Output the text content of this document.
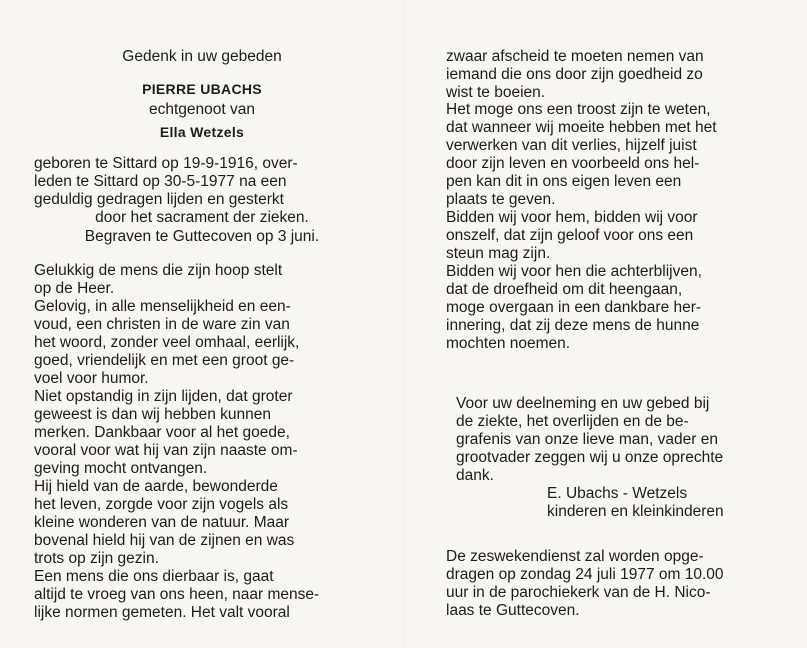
Gedenk in uw gebeden
PIERRE UBACHS
echtgenoot van
Ella Wetzels
geboren te Sittard op 19-9-1916, over-
leden te Sittard op 30-5-1977 na een
geduldig gedragen lijden en gesterkt
door het sacrament der zieken.
Begraven te Guttecoven op 3 juni.
Gelukkig de mens die zijn hoop stelt
op de Heer.
Gelovig, in alle menselijkheid en een-
voud, een christen in de ware zin van
het woord, zonder veel omhaal, eerlijk,
goed, vriendelijk en met een groot ge-
voel voor humor.
Niet opstandig in zijn lijden, dat groter
geweest is dan wij hebben kunnen
merken. Dankbaar voor al het goede,
vooral voor wat hij van zijn naaste om-
geving mocht ontvangen.
Hij hield van de aarde, bewonderde
het leven, zorgde voor zijn vogels als
kleine wonderen van de natuur. Maar
bovenal hield hij van de zijnen en was
trots op zijn gezin.
Een mens die ons dierbaar is, gaat
altijd te vroeg van ons heen, naar mense-
lijke normen gemeten. Het valt vooral
zwaar afscheid te moeten nemen van
iemand die ons door zijn goedheid zo
wist te boeien.
Het moge ons een troost zijn te weten,
dat wanneer wij moeite hebben met het
verwerken van dit verlies, hijzelf juist
door zijn leven en voorbeeld ons hel-
pen kan dit in ons eigen leven een
plaats te geven.
Bidden wij voor hem, bidden wij voor
onszelf, dat zijn geloof voor ons een
steun mag zijn.
Bidden wij voor hen die achterblijven,
dat de droefheid om dit heengaan,
moge overgaan in een dankbare her-
innering, dat zij deze mens de hunne
mochten noemen.
Voor uw deelneming en uw gebed bij
de ziekte, het overlijden en de be-
grafenis van onze lieve man, vader en
grootvader zeggen wij u onze oprechte
dank.
E. Ubachs - Wetzels
kinderen en kleinkinderen
De zeswekendienst zal worden opge-
dragen op zondag 24 juli 1977 om 10.00
uur in de parochiekerk van de H. Nico-
laas te Guttecoven.
